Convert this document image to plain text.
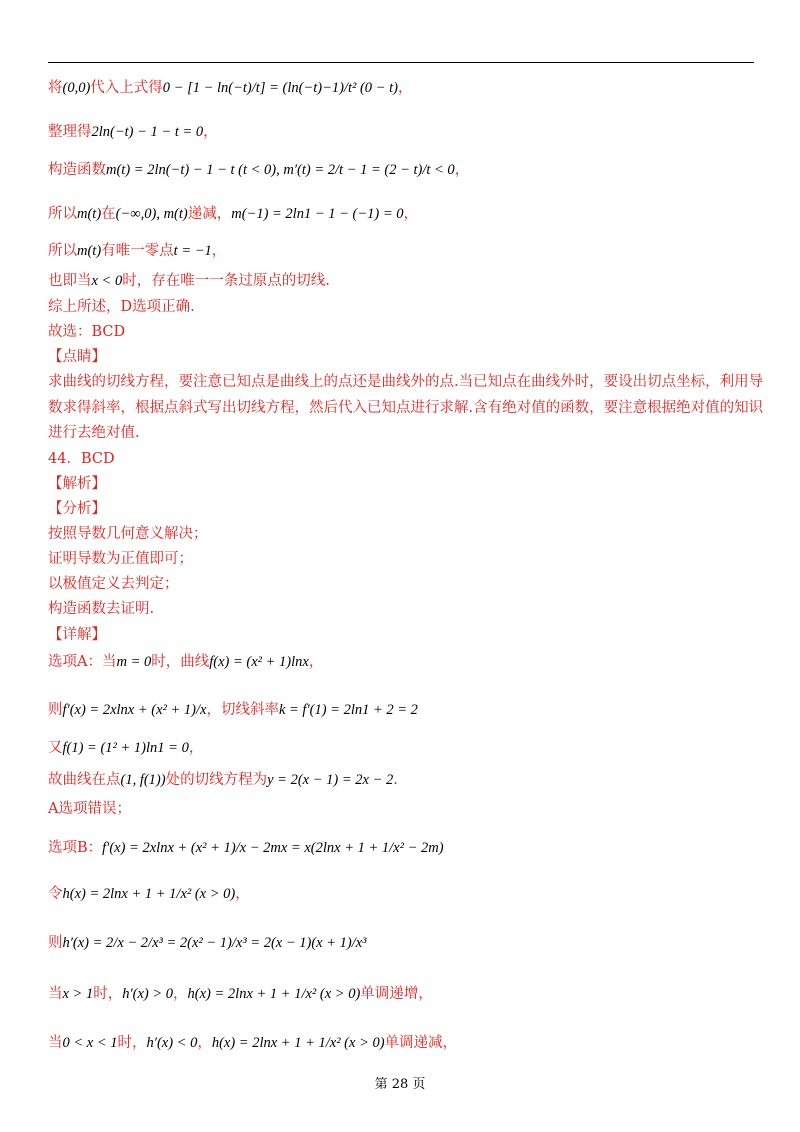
将(0,0)代入上式得0 − [1 − ln(−t)/t] = (ln(−t)−1)/t² (0 − t)，
整理得2ln(−t) − 1 − t = 0，
构造函数m(t) = 2ln(−t) − 1 − t (t < 0), m′(t) = 2/t − 1 = (2 − t)/t < 0，
所以m(t)在(−∞,0), m(t)递减，m(−1) = 2ln1 − 1 − (−1) = 0，
所以m(t)有唯一零点t = −1，
也即当x < 0时，存在唯一一条过原点的切线.
综上所述，D选项正确.
故选：BCD
【点睛】
求曲线的切线方程，要注意已知点是曲线上的点还是曲线外的点.当已知点在曲线外时，要设出切点坐标，利用导
数求得斜率，根据点斜式写出切线方程，然后代入已知点进行求解.含有绝对值的函数，要注意根据绝对值的知识
进行去绝对值.
44．BCD
【解析】
【分析】
按照导数几何意义解决；
证明导数为正值即可；
以极值定义去判定；
构造函数去证明.
【详解】
选项A：当m = 0时，曲线f(x) = (x² + 1)lnx，
则f′(x) = 2xlnx + (x² + 1)/x，切线斜率k = f′(1) = 2ln1 + 2 = 2
又f(1) = (1² + 1)ln1 = 0，
故曲线在点(1, f(1))处的切线方程为y = 2(x − 1) = 2x − 2.
A选项错误；
选项B：f′(x) = 2xlnx + (x² + 1)/x − 2mx = x(2lnx + 1 + 1/x² − 2m)
令h(x) = 2lnx + 1 + 1/x² (x > 0)，
则h′(x) = 2/x − 2/x³ = 2(x² − 1)/x³ = 2(x − 1)(x + 1)/x³
当x > 1时，h′(x) > 0，h(x) = 2lnx + 1 + 1/x² (x > 0)单调递增，
当0 < x < 1时，h′(x) < 0，h(x) = 2lnx + 1 + 1/x² (x > 0)单调递减，
第 28 页
